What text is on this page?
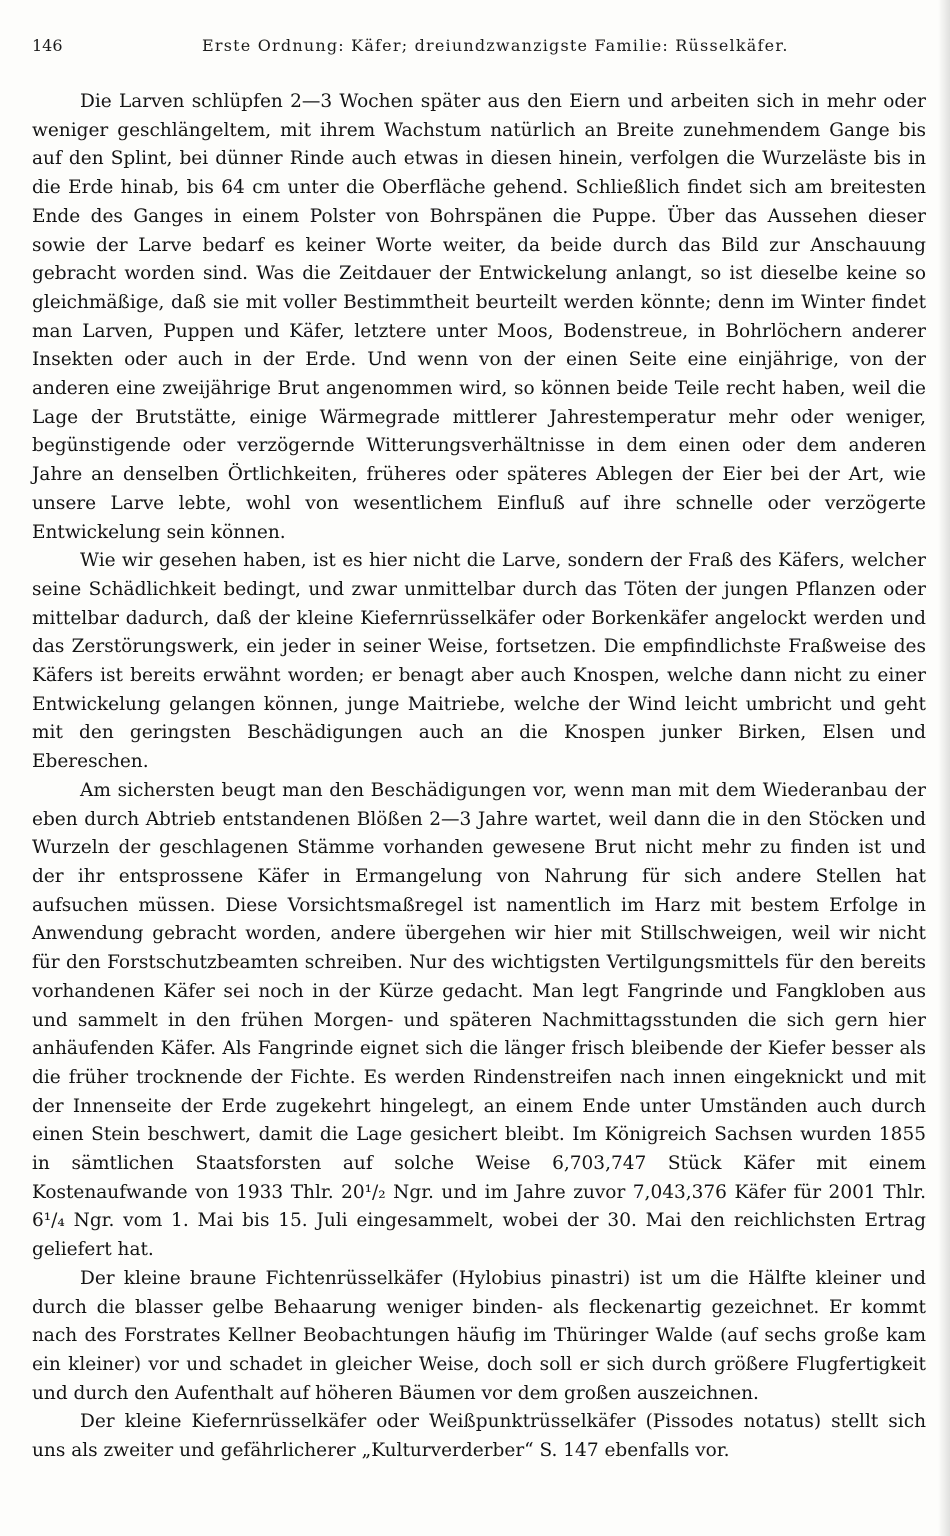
146	Erste Ordnung: Käfer; dreiundzwanzigste Familie: Rüsselkäfer.

Die Larven schlüpfen 2—3 Wochen später aus den Eiern und arbeiten sich in mehr oder weniger geschlängeltem, mit ihrem Wachstum natürlich an Breite zunehmendem Gange bis auf den Splint, bei dünner Rinde auch etwas in diesen hinein, verfolgen die Wurzeläste bis in die Erde hinab, bis 64 cm unter die Oberfläche gehend. Schließlich findet sich am breitesten Ende des Ganges in einem Polster von Bohrspänen die Puppe. Über das Aussehen dieser sowie der Larve bedarf es keiner Worte weiter, da beide durch das Bild zur Anschauung gebracht worden sind. Was die Zeitdauer der Entwickelung anlangt, so ist dieselbe keine so gleichmäßige, daß sie mit voller Bestimmtheit beurteilt werden könnte; denn im Winter findet man Larven, Puppen und Käfer, letztere unter Moos, Bodenstreue, in Bohrlöchern anderer Insekten oder auch in der Erde. Und wenn von der einen Seite eine einjährige, von der anderen eine zweijährige Brut angenommen wird, so können beide Teile recht haben, weil die Lage der Brutstätte, einige Wärmegrade mittlerer Jahrestemperatur mehr oder weniger, begünstigende oder verzögernde Witterungsverhältnisse in dem einen oder dem anderen Jahre an denselben Örtlichkeiten, früheres oder späteres Ablegen der Eier bei der Art, wie unsere Larve lebte, wohl von wesentlichem Einfluß auf ihre schnelle oder verzögerte Entwickelung sein können.

Wie wir gesehen haben, ist es hier nicht die Larve, sondern der Fraß des Käfers, welcher seine Schädlichkeit bedingt, und zwar unmittelbar durch das Töten der jungen Pflanzen oder mittelbar dadurch, daß der kleine Kiefernrüsselkäfer oder Borkenkäfer angelockt werden und das Zerstörungswerk, ein jeder in seiner Weise, fortsetzen. Die empfindlichste Fraßweise des Käfers ist bereits erwähnt worden; er benagt aber auch Knospen, welche dann nicht zu einer Entwickelung gelangen können, junge Maitriebe, welche der Wind leicht umbricht und geht mit den geringsten Beschädigungen auch an die Knospen junker Birken, Elsen und Ebereschen.

Am sichersten beugt man den Beschädigungen vor, wenn man mit dem Wiederanbau der eben durch Abtrieb entstandenen Blößen 2—3 Jahre wartet, weil dann die in den Stöcken und Wurzeln der geschlagenen Stämme vorhanden gewesene Brut nicht mehr zu finden ist und der ihr entsprossene Käfer in Ermangelung von Nahrung für sich andere Stellen hat aufsuchen müssen. Diese Vorsichtsmaßregel ist namentlich im Harz mit bestem Erfolge in Anwendung gebracht worden, andere übergehen wir hier mit Stillschweigen, weil wir nicht für den Forstschutzbeamten schreiben. Nur des wichtigsten Vertilgungsmittels für den bereits vorhandenen Käfer sei noch in der Kürze gedacht. Man legt Fangrinde und Fangkloben aus und sammelt in den frühen Morgen- und späteren Nachmittagsstunden die sich gern hier anhäufenden Käfer. Als Fangrinde eignet sich die länger frisch bleibende der Kiefer besser als die früher trocknende der Fichte. Es werden Rindenstreifen nach innen eingeknickt und mit der Innenseite der Erde zugekehrt hingelegt, an einem Ende unter Umständen auch durch einen Stein beschwert, damit die Lage gesichert bleibt. Im Königreich Sachsen wurden 1855 in sämtlichen Staatsforsten auf solche Weise 6,703,747 Stück Käfer mit einem Kostenaufwande von 1933 Thlr. 20¹/₂ Ngr. und im Jahre zuvor 7,043,376 Käfer für 2001 Thlr. 6¹/₄ Ngr. vom 1. Mai bis 15. Juli eingesammelt, wobei der 30. Mai den reichlichsten Ertrag geliefert hat.

Der kleine braune Fichtenrüsselkäfer (Hylobius pinastri) ist um die Hälfte kleiner und durch die blasser gelbe Behaarung weniger binden- als fleckenartig gezeichnet. Er kommt nach des Forstrates Kellner Beobachtungen häufig im Thüringer Walde (auf sechs große kam ein kleiner) vor und schadet in gleicher Weise, doch soll er sich durch größere Flugfertigkeit und durch den Aufenthalt auf höheren Bäumen vor dem großen auszeichnen.

Der kleine Kiefernrüsselkäfer oder Weißpunktrüsselkäfer (Pissodes notatus) stellt sich uns als zweiter und gefährlicherer „Kulturverderber“ S. 147 ebenfalls vor.
